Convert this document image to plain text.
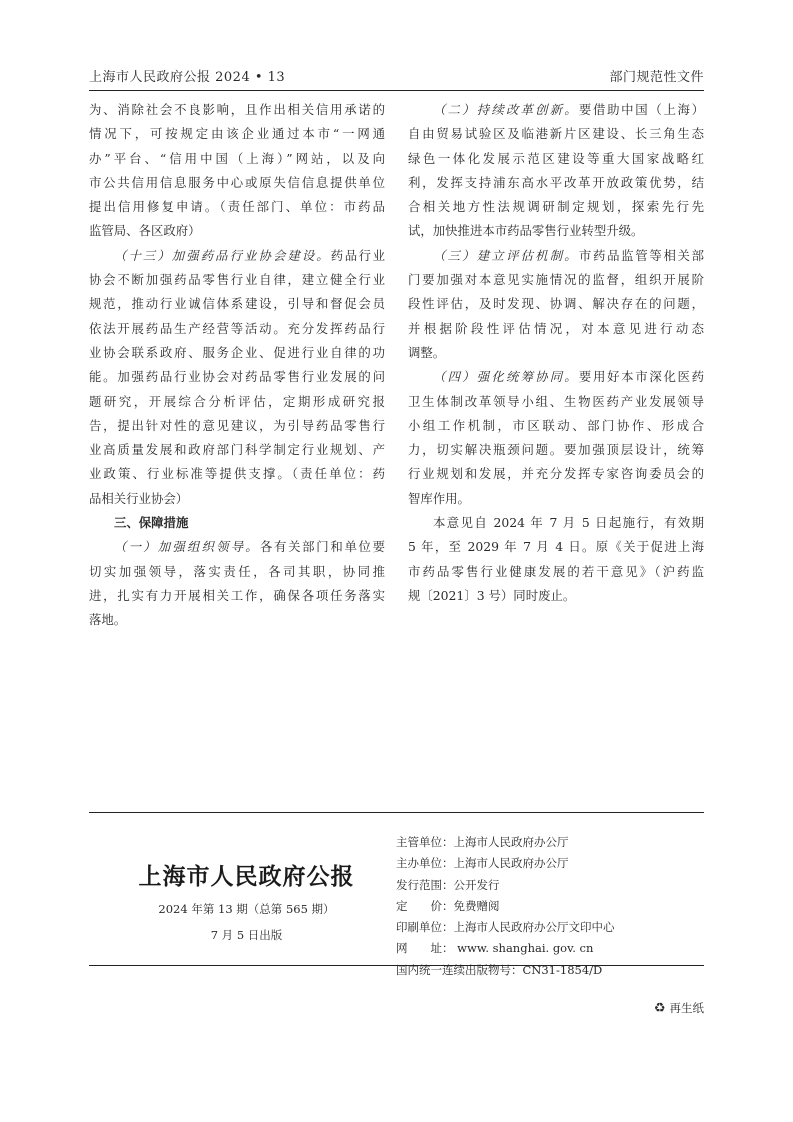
上海市人民政府公报 2024 • 13	部门规范性文件
为、消除社会不良影响，且作出相关信用承诺的
情况下，可按规定由该企业通过本市“一网通
办”平台、“信用中国（上海）”网站，以及向
市公共信用信息服务中心或原失信信息提供单位
提出信用修复申请。（责任部门、单位：市药品
监管局、各区政府）
（十三）加强药品行业协会建设。药品行业
协会不断加强药品零售行业自律，建立健全行业
规范，推动行业诚信体系建设，引导和督促会员
依法开展药品生产经营等活动。充分发挥药品行
业协会联系政府、服务企业、促进行业自律的功
能。加强药品行业协会对药品零售行业发展的问
题研究，开展综合分析评估，定期形成研究报
告，提出针对性的意见建议，为引导药品零售行
业高质量发展和政府部门科学制定行业规划、产
业政策、行业标准等提供支撑。（责任单位：药
品相关行业协会）
三、保障措施
（一）加强组织领导。各有关部门和单位要
切实加强领导，落实责任，各司其职，协同推
进，扎实有力开展相关工作，确保各项任务落实
落地。
（二）持续改革创新。要借助中国（上海）
自由贸易试验区及临港新片区建设、长三角生态
绿色一体化发展示范区建设等重大国家战略红
利，发挥支持浦东高水平改革开放政策优势，结
合相关地方性法规调研制定规划，探索先行先
试，加快推进本市药品零售行业转型升级。
（三）建立评估机制。市药品监管等相关部
门要加强对本意见实施情况的监督，组织开展阶
段性评估，及时发现、协调、解决存在的问题，
并根据阶段性评估情况，对本意见进行动态
调整。
（四）强化统筹协同。要用好本市深化医药
卫生体制改革领导小组、生物医药产业发展领导
小组工作机制，市区联动、部门协作、形成合
力，切实解决瓶颈问题。要加强顶层设计，统筹
行业规划和发展，并充分发挥专家咨询委员会的
智库作用。
本意见自 2024 年 7 月 5 日起施行，有效期
5 年，至 2029 年 7 月 4 日。原《关于促进上海
市药品零售行业健康发展的若干意见》（沪药监
规〔2021〕3 号）同时废止。
上海市人民政府公报
2024 年第 13 期（总第 565 期）
7 月 5 日出版
主管单位：上海市人民政府办公厅
主办单位：上海市人民政府办公厅
发行范围：公开发行
定　　价：免费赠阅
印刷单位：上海市人民政府办公厅文印中心
网　　址： www. shanghai. gov. cn
国内统一连续出版物号：CN31-1854/D
♻ 再生纸
